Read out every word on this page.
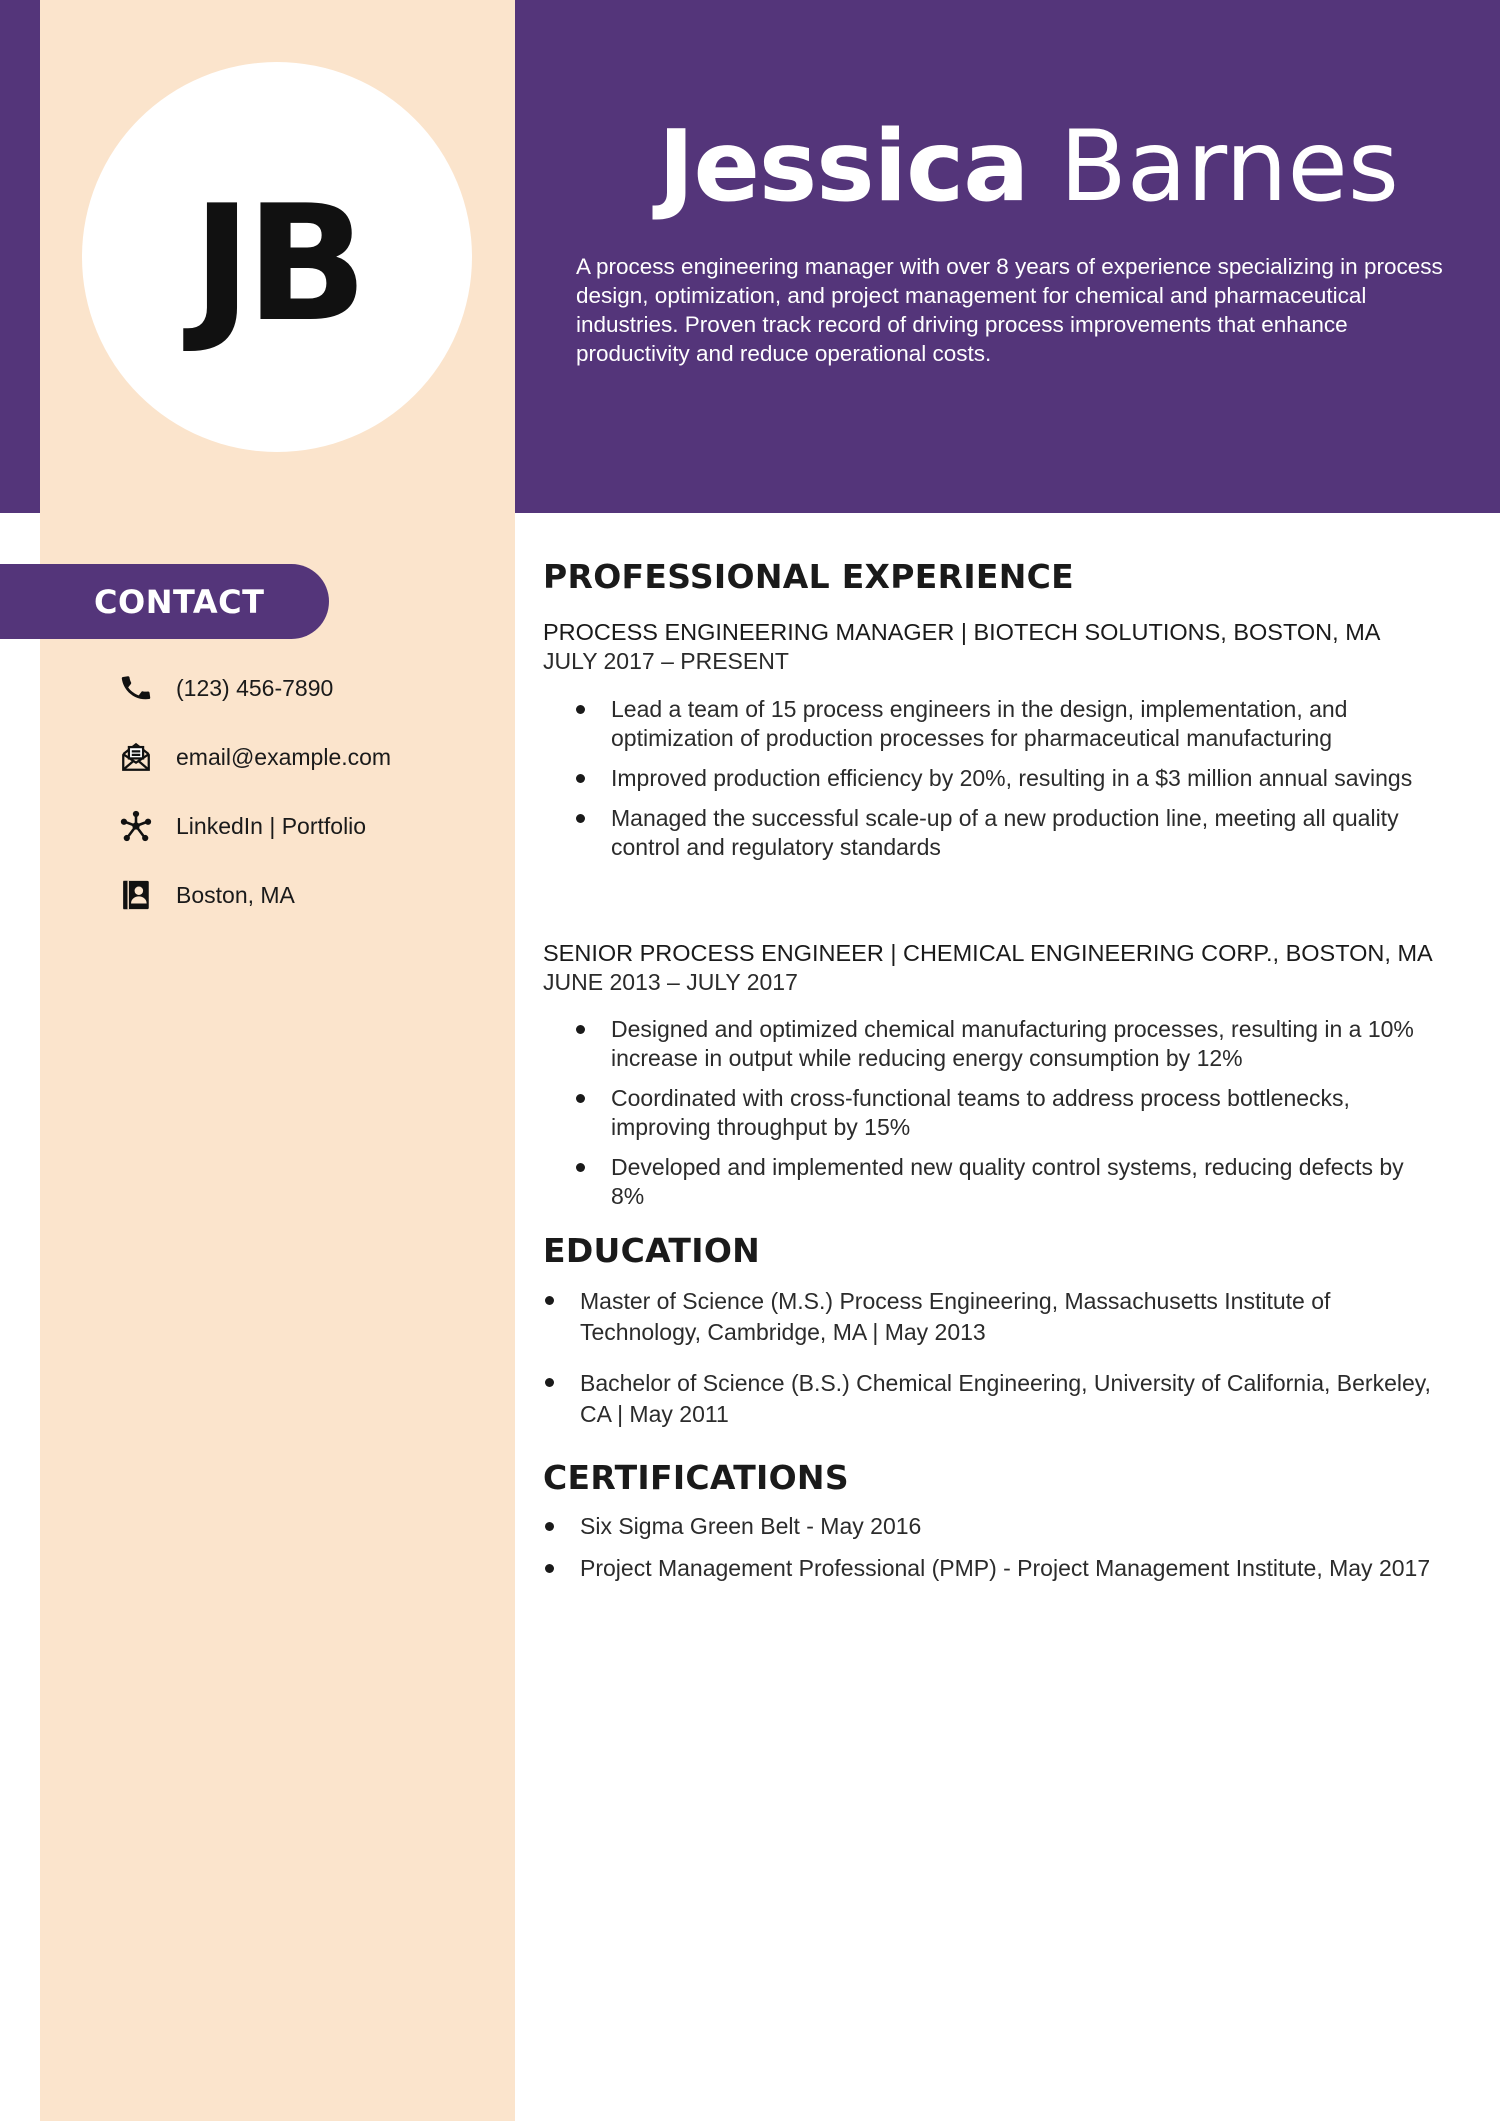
JB
Jessica Barnes

A process engineering manager with over 8 years of experience specializing in process design, optimization, and project management for chemical and pharmaceutical industries. Proven track record of driving process improvements that enhance productivity and reduce operational costs.

CONTACT
(123) 456-7890
email@example.com
LinkedIn | Portfolio
Boston, MA
PROFESSIONAL EXPERIENCE
PROCESS ENGINEERING MANAGER | BIOTECH SOLUTIONS, BOSTON, MA
JULY 2017 – PRESENT
Lead a team of 15 process engineers in the design, implementation, and optimization of production processes for pharmaceutical manufacturing
Improved production efficiency by 20%, resulting in a $3 million annual savings
Managed the successful scale-up of a new production line, meeting all quality control and regulatory standards
SENIOR PROCESS ENGINEER | CHEMICAL ENGINEERING CORP., BOSTON, MA
JUNE 2013 – JULY 2017
Designed and optimized chemical manufacturing processes, resulting in a 10% increase in output while reducing energy consumption by 12%
Coordinated with cross-functional teams to address process bottlenecks, improving throughput by 15%
Developed and implemented new quality control systems, reducing defects by 8%
EDUCATION
Master of Science (M.S.) Process Engineering, Massachusetts Institute of Technology, Cambridge, MA | May 2013
Bachelor of Science (B.S.) Chemical Engineering, University of California, Berkeley, CA | May 2011
CERTIFICATIONS
Six Sigma Green Belt - May 2016
Project Management Professional (PMP) - Project Management Institute, May 2017
